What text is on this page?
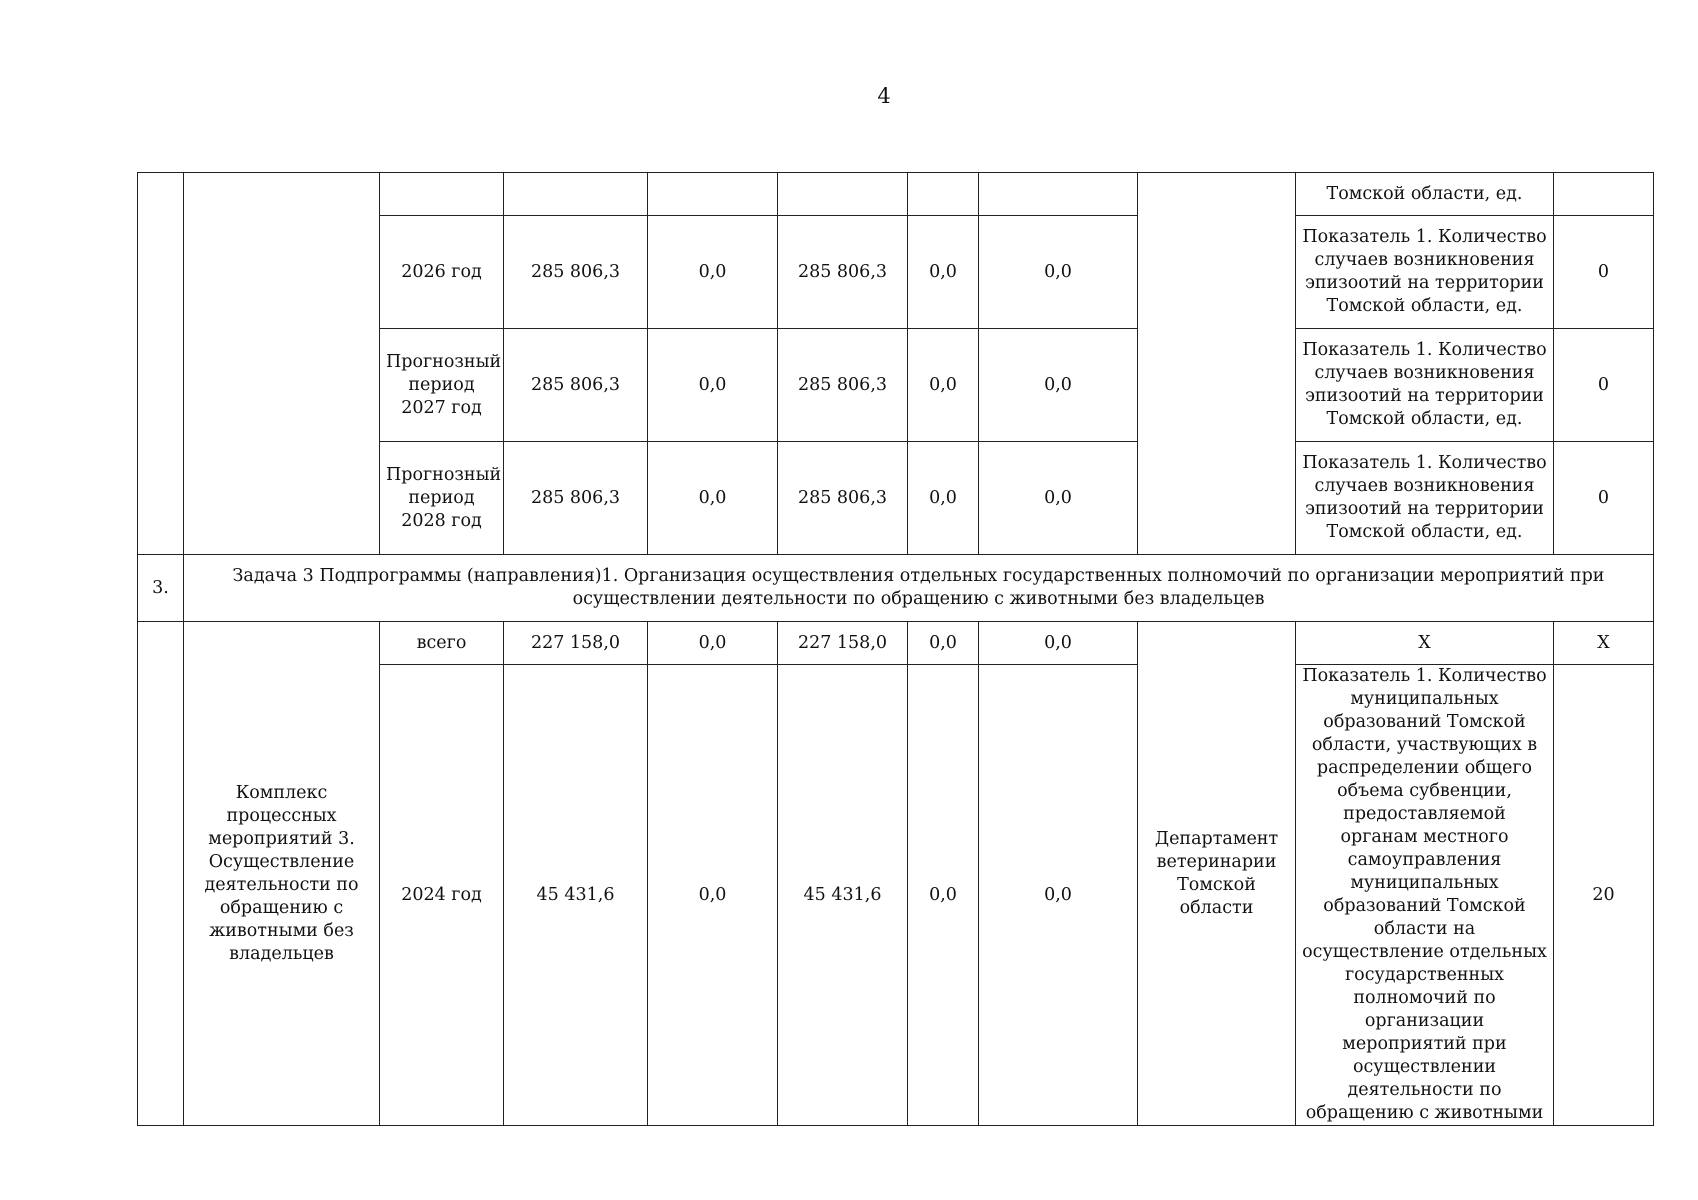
4
									Томской области, ед.	
		2026 год	285 806,3	0,0	285 806,3	0,0	0,0		Показатель 1. Количество случаев возникновения эпизоотий на территории Томской области, ед.	0
		Прогнозный период 2027 год	285 806,3	0,0	285 806,3	0,0	0,0		Показатель 1. Количество случаев возникновения эпизоотий на территории Томской области, ед.	0
		Прогнозный период 2028 год	285 806,3	0,0	285 806,3	0,0	0,0		Показатель 1. Количество случаев возникновения эпизоотий на территории Томской области, ед.	0
3.	Задача 3 Подпрограммы (направления)1. Организация осуществления отдельных государственных полномочий по организации мероприятий при осуществлении деятельности по обращению с животными без владельцев									
	Комплекс процессных мероприятий 3. Осуществление деятельности по обращению с животными без владельцев	всего	227 158,0	0,0	227 158,0	0,0	0,0	Департамент ветеринарии Томской области	X	X
		2024 год	45 431,6	0,0	45 431,6	0,0	0,0		Показатель 1. Количество муниципальных образований Томской области, участвующих в распределении общего объема субвенции, предоставляемой органам местного самоуправления муниципальных образований Томской области на осуществление отдельных государственных полномочий по организации мероприятий при осуществлении деятельности по обращению с животными	20
